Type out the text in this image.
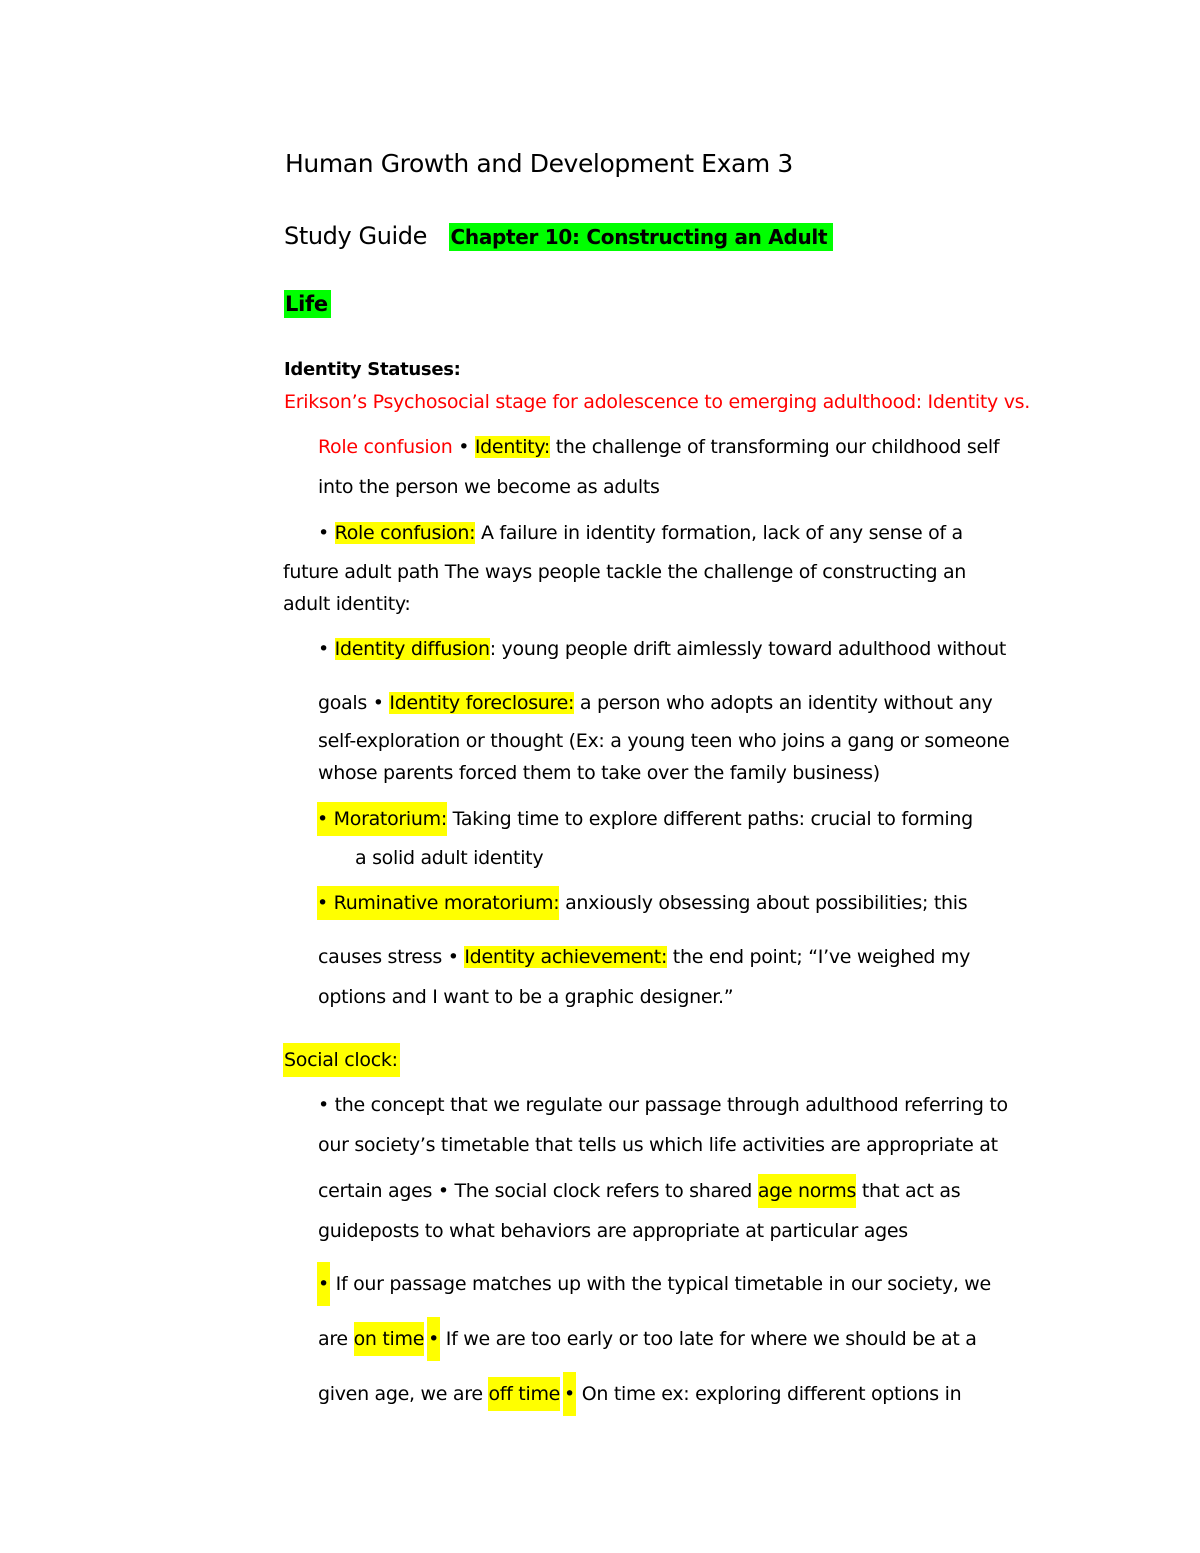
Human Growth and Development Exam 3
Study Guide Chapter 10: Constructing an Adult
Life
Identity Statuses:
Erikson’s Psychosocial stage for adolescence to emerging adulthood: Identity vs.
Role confusion • Identity: the challenge of transforming our childhood self
into the person we become as adults
• Role confusion: A failure in identity formation, lack of any sense of a
future adult path The ways people tackle the challenge of constructing an
adult identity:
• Identity diffusion: young people drift aimlessly toward adulthood without
goals • Identity foreclosure: a person who adopts an identity without any
self-exploration or thought (Ex: a young teen who joins a gang or someone
whose parents forced them to take over the family business)
• Moratorium: Taking time to explore different paths: crucial to forming
a solid adult identity
• Ruminative moratorium: anxiously obsessing about possibilities; this
causes stress • Identity achievement: the end point; “I’ve weighed my
options and I want to be a graphic designer.”
Social clock:
• the concept that we regulate our passage through adulthood referring to
our society’s timetable that tells us which life activities are appropriate at
certain ages • The social clock refers to shared age norms that act as
guideposts to what behaviors are appropriate at particular ages
• If our passage matches up with the typical timetable in our society, we
are on time • If we are too early or too late for where we should be at a
given age, we are off time • On time ex: exploring different options in
